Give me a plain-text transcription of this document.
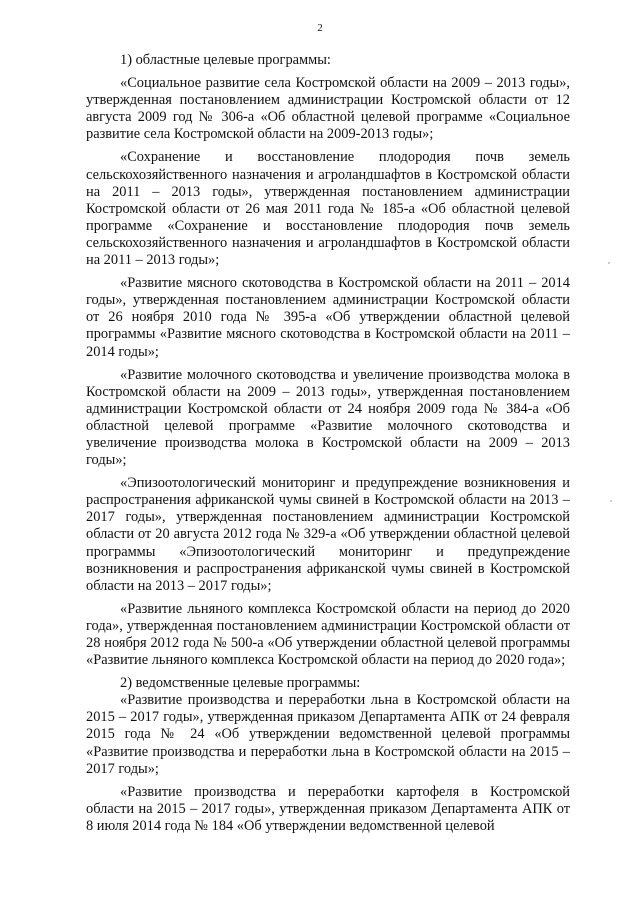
2

1) областные целевые программы:

«Социальное развитие села Костромской области на 2009 – 2013 годы», утвержденная постановлением администрации Костромской области от 12 августа 2009 год № 306-а «Об областной целевой программе «Социальное развитие села Костромской области на 2009-2013 годы»;

«Сохранение и восстановление плодородия почв земель сельскохозяйственного назначения и агроландшафтов в Костромской области на 2011 – 2013 годы», утвержденная постановлением администрации Костромской области от 26 мая 2011 года № 185-а «Об областной целевой программе «Сохранение и восстановление плодородия почв земель сельскохозяйственного назначения и агроландшафтов в Костромской области на 2011 – 2013 годы»;

«Развитие мясного скотоводства в Костромской области на 2011 – 2014 годы», утвержденная постановлением администрации Костромской области от 26 ноября 2010 года № 395-а «Об утверждении областной целевой программы «Развитие мясного скотоводства в Костромской области на 2011 – 2014 годы»;

«Развитие молочного скотоводства и увеличение производства молока в Костромской области на 2009 – 2013 годы», утвержденная постановлением администрации Костромской области от 24 ноября 2009 года № 384-а «Об областной целевой программе «Развитие молочного скотоводства и увеличение производства молока в Костромской области на 2009 – 2013 годы»;

«Эпизоотологический мониторинг и предупреждение возникновения и распространения африканской чумы свиней в Костромской области на 2013 – 2017 годы», утвержденная постановлением администрации Костромской области от 20 августа 2012 года № 329-а «Об утверждении областной целевой программы «Эпизоотологический мониторинг и предупреждение возникновения и распространения африканской чумы свиней в Костромской области на 2013 – 2017 годы»;

«Развитие льняного комплекса Костромской области на период до 2020 года», утвержденная постановлением администрации Костромской области от 28 ноября 2012 года № 500-а «Об утверждении областной целевой программы «Развитие льняного комплекса Костромской области на период до 2020 года»;

2) ведомственные целевые программы:

«Развитие производства и переработки льна в Костромской области на 2015 – 2017 годы», утвержденная приказом Департамента АПК от 24 февраля 2015 года № 24 «Об утверждении ведомственной целевой программы «Развитие производства и переработки льна в Костромской области на 2015 – 2017 годы»;

«Развитие производства и переработки картофеля в Костромской области на 2015 – 2017 годы», утвержденная приказом Департамента АПК от 8 июля 2014 года № 184 «Об утверждении ведомственной целевой
